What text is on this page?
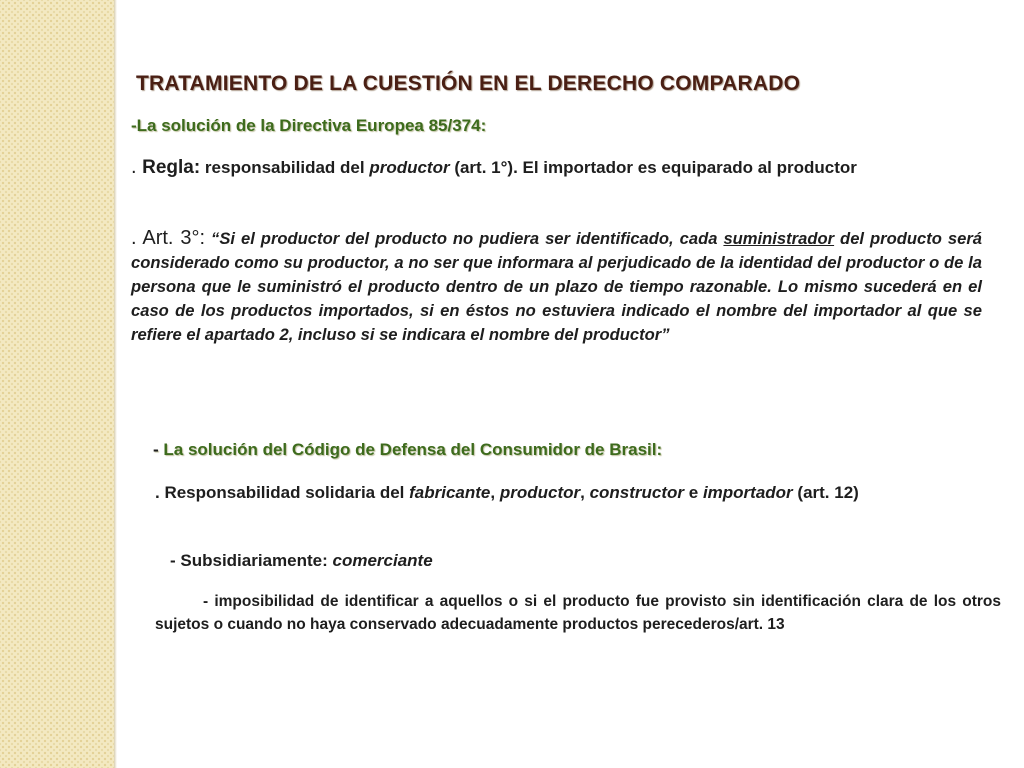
TRATAMIENTO DE LA CUESTIÓN EN EL DERECHO COMPARADO
-La solución de la Directiva Europea 85/374:
. Regla: responsabilidad del productor (art. 1°). El importador es equiparado al productor
. Art. 3°: “Si el productor del producto no pudiera ser identificado, cada suministrador del producto será considerado como su productor, a no ser que informara al perjudicado de la identidad del productor o de la persona que le suministró el producto dentro de un plazo de tiempo razonable. Lo mismo sucederá en el caso de los productos importados, si en éstos no estuviera indicado el nombre del importador al que se refiere el apartado 2, incluso si se indicara el nombre del productor”
- La solución del Código de Defensa del Consumidor de Brasil:
. Responsabilidad solidaria del fabricante, productor, constructor e importador (art. 12)
- Subsidiariamente: comerciante
- imposibilidad de identificar a aquellos o si el producto fue provisto sin identificación clara de los otros sujetos o cuando no haya conservado adecuadamente productos perecederos/art. 13
